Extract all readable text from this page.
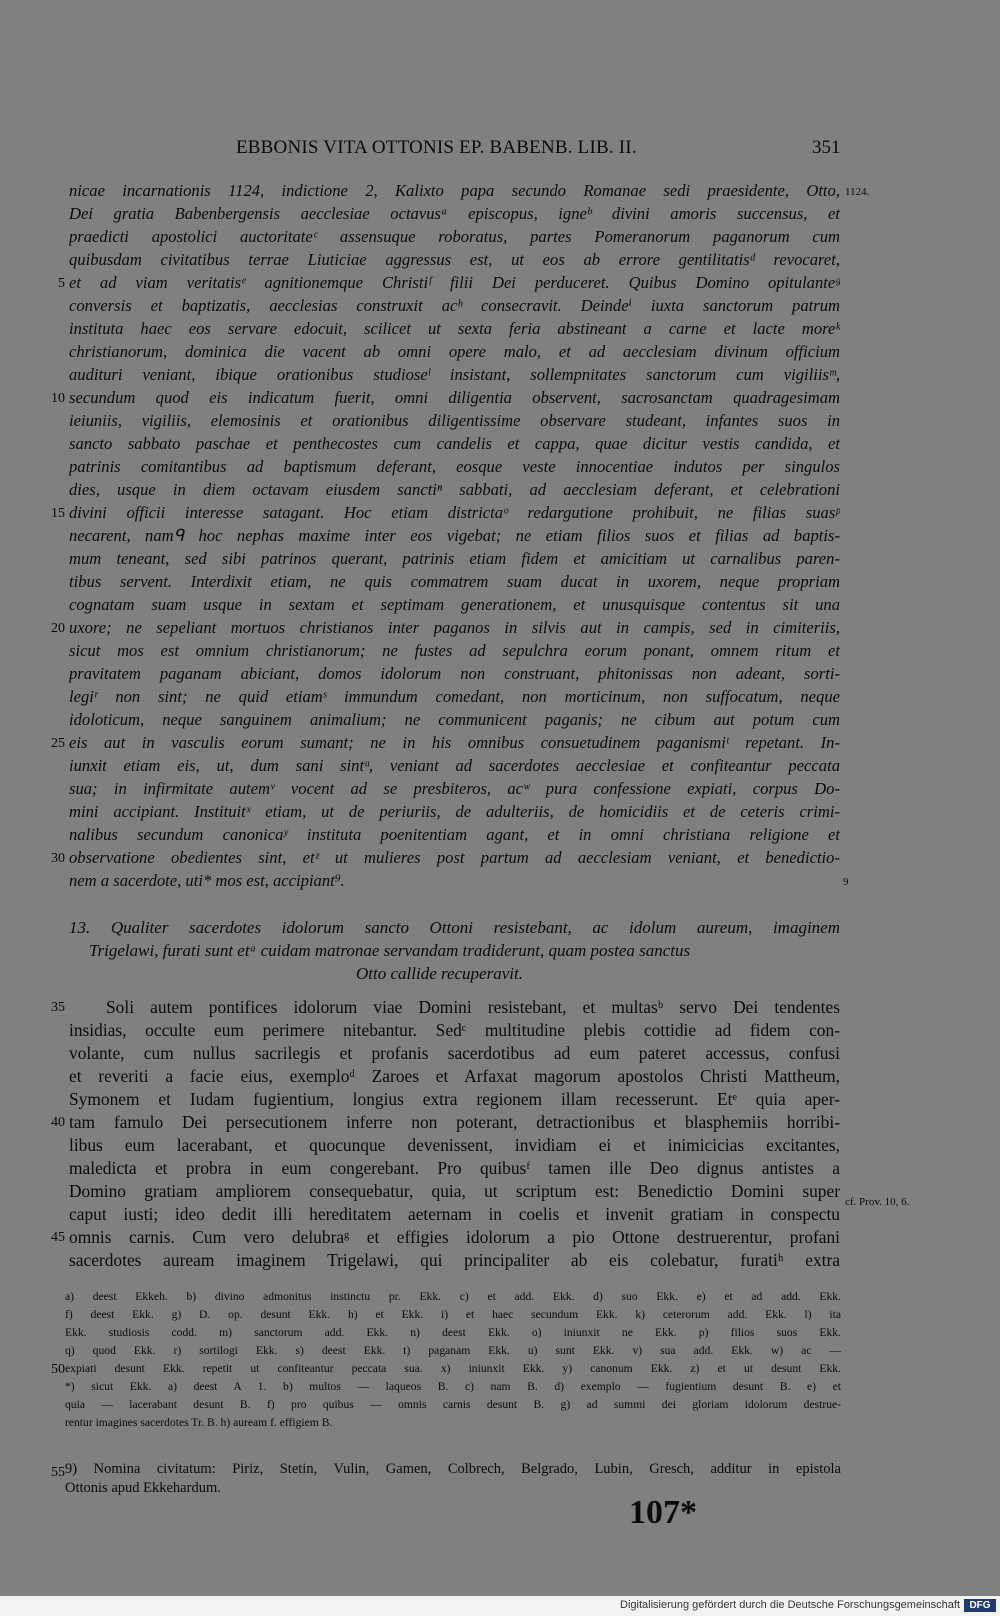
EBBONIS VITA OTTONIS EP. BABENB. LIB. II.	351
1124.
nicae incarnationis 1124, indictione 2, Kalixto papa secundo Romanae sedi praesidente, Otto,
Dei gratia Babenbergensis aecclesiae octavusᵃ episcopus, igneᵇ divini amoris succensus, et
praedicti apostolici auctoritateᶜ assensuque roboratus, partes Pomeranorum paganorum cum
quibusdam civitatibus terrae Liuticiae aggressus est, ut eos ab errore gentilitatisᵈ revocaret,
et ad viam veritatisᵉ agnitionemque Christiᶠ filii Dei perduceret. Quibus Domino opitulanteᵍ
conversis et baptizatis, aecclesias construxit acʰ consecravit. Deindeⁱ iuxta sanctorum patrum
instituta haec eos servare edocuit, scilicet ut sexta feria abstineant a carne et lacte moreᵏ
christianorum, dominica die vacent ab omni opere malo, et ad aecclesiam divinum officium
audituri veniant, ibique orationibus studioseˡ insistant, sollempnitates sanctorum cum vigiliisᵐ,
secundum quod eis indicatum fuerit, omni diligentia observent, sacrosanctam quadragesimam
ieiuniis, vigiliis, elemosinis et orationibus diligentissime observare studeant, infantes suos in
sancto sabbato paschae et penthecostes cum candelis et cappa, quae dicitur vestis candida, et
patrinis comitantibus ad baptismum deferant, eosque veste innocentiae indutos per singulos
dies, usque in diem octavam eiusdem sanctiⁿ sabbati, ad aecclesiam deferant, et celebrationi
divini officii interesse satagant. Hoc etiam districtaᵒ redargutione prohibuit, ne filias suasᵖ
necarent, namᑫ hoc nephas maxime inter eos vigebat; ne etiam filios suos et filias ad baptis-
mum teneant, sed sibi patrinos querant, patrinis etiam fidem et amicitiam ut carnalibus paren-
tibus servent. Interdixit etiam, ne quis commatrem suam ducat in uxorem, neque propriam
cognatam suam usque in sextam et septimam generationem, et unusquisque contentus sit una
uxore; ne sepeliant mortuos christianos inter paganos in silvis aut in campis, sed in cimiteriis,
sicut mos est omnium christianorum; ne fustes ad sepulchra eorum ponant, omnem ritum et
pravitatem paganam abiciant, domos idolorum non construant, phitonissas non adeant, sorti-
legiʳ non sint; ne quid etiamˢ immundum comedant, non morticinum, non suffocatum, neque
idoloticum, neque sanguinem animalium; ne communicent paganis; ne cibum aut potum cum
eis aut in vasculis eorum sumant; ne in his omnibus consuetudinem paganismiᵗ repetant. In-
iunxit etiam eis, ut, dum sani sintᵘ, veniant ad sacerdotes aecclesiae et confiteantur peccata
sua; in infirmitate autemᵛ vocent ad se presbiteros, acʷ pura confessione expiati, corpus Do-
mini accipiant. Instituitˣ etiam, ut de periuriis, de adulteriis, de homicidiis et de ceteris crimi-
nalibus secundum canonicaʸ instituta poenitentiam agant, et in omni christiana religione et
observatione obedientes sint, etᶻ ut mulieres post partum ad aecclesiam veniant, et benedictio-
nem a sacerdote, uti* mos est, accipiant⁹.	9
13. Qualiter sacerdotes idolorum sancto Ottoni resistebant, ac idolum aureum, imaginem
Trigelawi, furati sunt etᵃ cuidam matronae servandam tradiderunt, quam postea sanctus
Otto callide recuperavit.
Soli autem pontifices idolorum viae Domini resistebant, et multasᵇ servo Dei tendentes
insidias, occulte eum perimere nitebantur. Sedᶜ multitudine plebis cottidie ad fidem con-
volante, cum nullus sacrilegis et profanis sacerdotibus ad eum pateret accessus, confusi
et reveriti a facie eius, exemploᵈ Zaroes et Arfaxat magorum apostolos Christi Mattheum,
Symonem et Iudam fugientium, longius extra regionem illam recesserunt. Etᵉ quia aper-
tam famulo Dei persecutionem inferre non poterant, detractionibus et blasphemiis horribi-
libus eum lacerabant, et quocunque devenissent, invidiam ei et inimicicias excitantes,
maledicta et probra in eum congerebant. Pro quibusᶠ tamen ille Deo dignus antistes a
Domino gratiam ampliorem consequebatur, quia, ut scriptum est: Benedictio Domini super
caput iusti; ideo dedit illi hereditatem aeternam in coelis et invenit gratiam in conspectu
omnis carnis. Cum vero delubraᵍ et effigies idolorum a pio Ottone destruerentur, profani
sacerdotes auream imaginem Trigelawi, qui principaliter ab eis colebatur, furatiʰ extra
cf. Prov. 10, 6.
5
10
15
20
25
30
35
40
45
50
55
a) deest Ekkeh. b) divino admonitus instinctu pr. Ekk. c) et add. Ekk. d) suo Ekk. e) et ad add. Ekk.
f) deest Ekk. g) D. op. desunt Ekk. h) et Ekk. i) et haec secundum Ekk. k) ceterorum add. Ekk. l) ita
Ekk. studiosis codd. m) sanctorum add. Ekk. n) deest Ekk. o) iniunxit ne Ekk. p) filios suos Ekk.
q) quod Ekk. r) sortilogi Ekk. s) deest Ekk. t) paganam Ekk. u) sunt Ekk. v) sua add. Ekk. w) ac —
expiati desunt Ekk. repetit ut confiteantur peccata sua. x) iniunxit Ekk. y) canonum Ekk. z) et ut desunt Ekk.
*) sicut Ekk. a) deest A 1. b) multos — laqueos B. c) nam B. d) exemplo — fugientium desunt B. e) et
quia — lacerabant desunt B. f) pro quibus — omnis carnis desunt B. g) ad summi dei gloriam idolorum destrue-
rentur imagines sacerdotes Tr. B. h) auream f. effigiem B.
9) Nomina civitatum: Piriz, Stetin, Vulin, Gamen, Colbrech, Belgrado, Lubin, Gresch, additur in epistola
Ottonis apud Ekkehardum.
107*
Digitalisierung gefördert durch die Deutsche Forschungsgemeinschaft DFG
